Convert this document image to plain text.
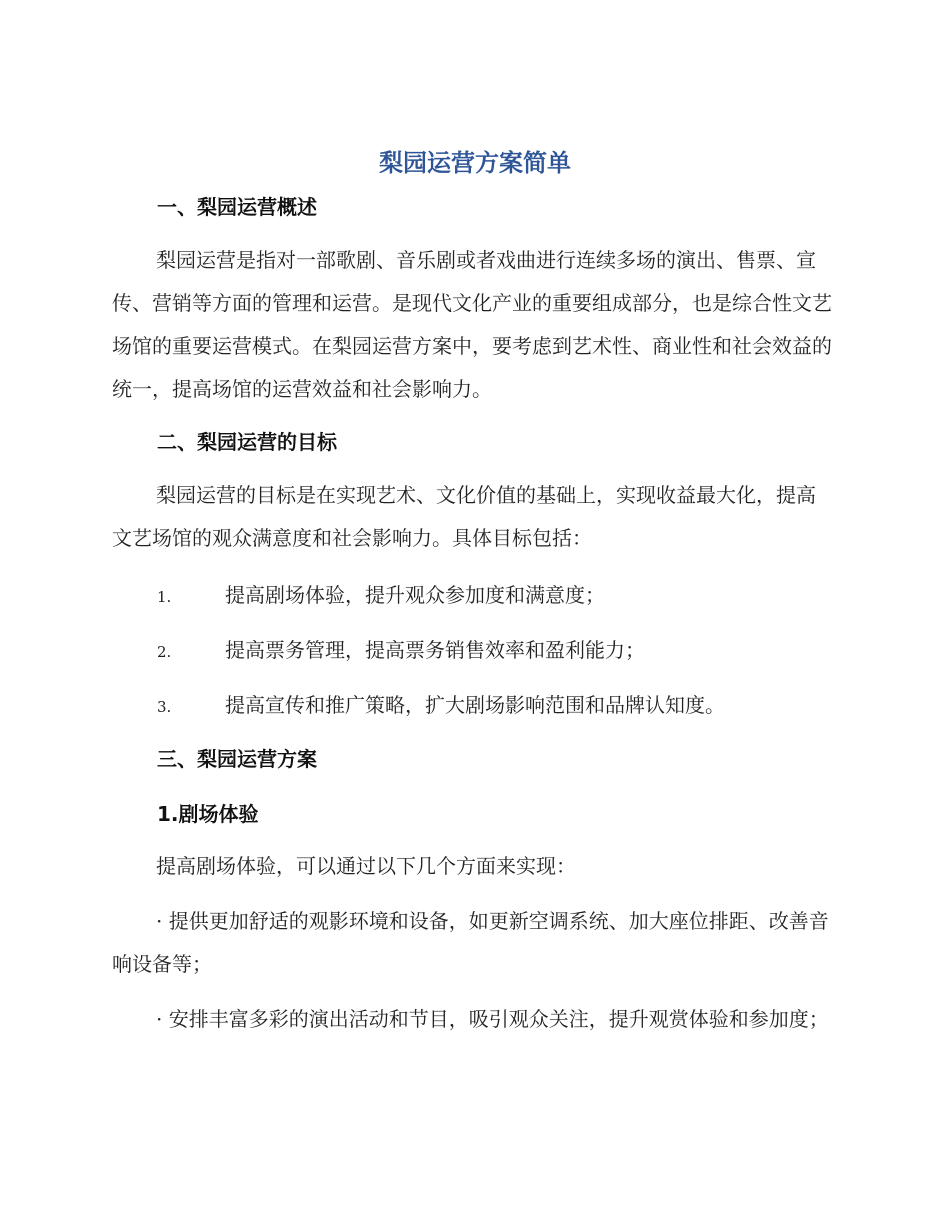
梨园运营方案简单
一、梨园运营概述

梨园运营是指对一部歌剧、音乐剧或者戏曲进行连续多场的演出、售票、宣传、营销等方面的管理和运营。是现代文化产业的重要组成部分，也是综合性文艺场馆的重要运营模式。在梨园运营方案中，要考虑到艺术性、商业性和社会效益的统一，提高场馆的运营效益和社会影响力。

二、梨园运营的目标

梨园运营的目标是在实现艺术、文化价值的基础上，实现收益最大化，提高文艺场馆的观众满意度和社会影响力。具体目标包括：

1.	提高剧场体验，提升观众参加度和满意度；
2.	提高票务管理，提高票务销售效率和盈利能力；
3.	提高宣传和推广策略，扩大剧场影响范围和品牌认知度。
三、梨园运营方案
1.剧场体验

提高剧场体验，可以通过以下几个方面来实现：

· 提供更加舒适的观影环境和设备，如更新空调系统、加大座位排距、改善音响设备等；

· 安排丰富多彩的演出活动和节目，吸引观众关注，提升观赏体验和参加度；
